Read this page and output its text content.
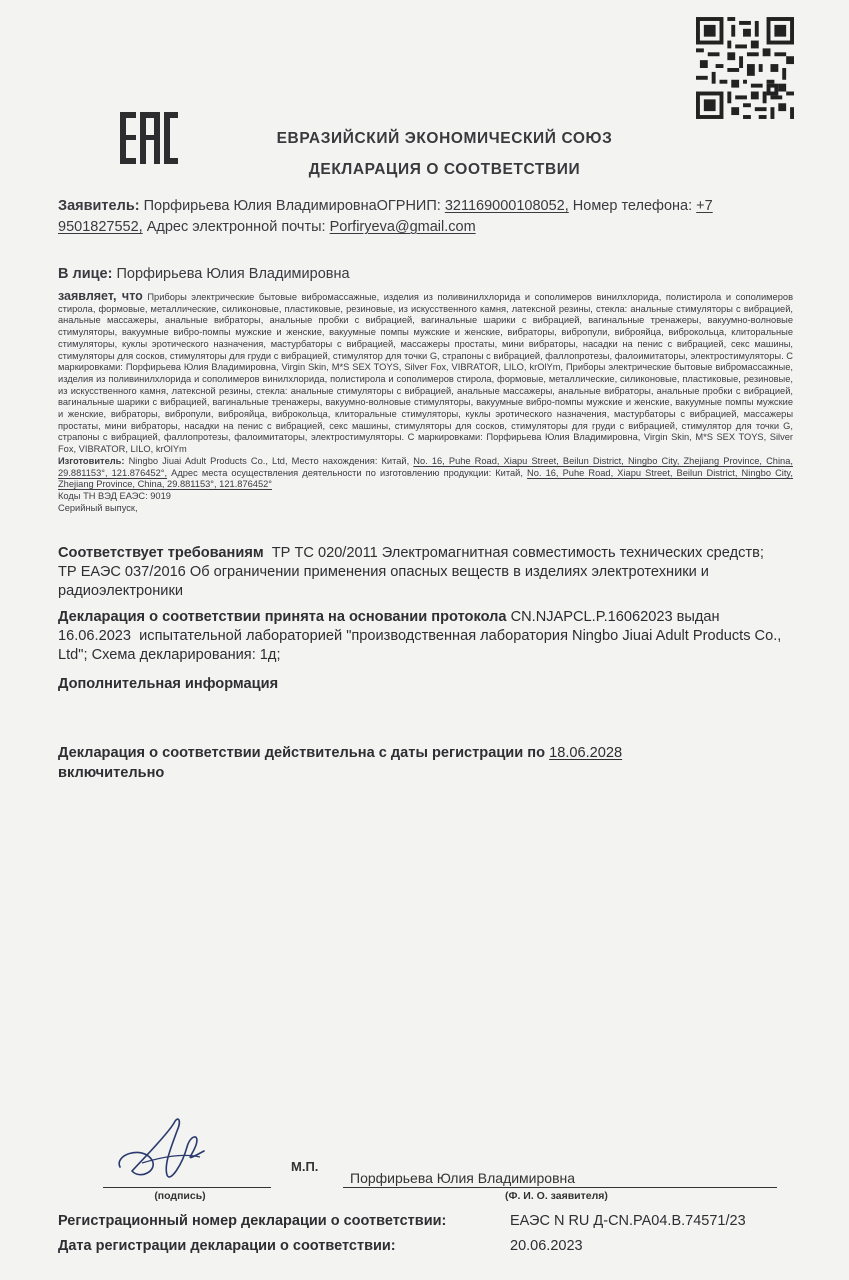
ЕВРАЗИЙСКИЙ ЭКОНОМИЧЕСКИЙ СОЮЗ
ДЕКЛАРАЦИЯ О СООТВЕТСТВИИ
Заявитель: Порфирьева Юлия ВладимировнаОГРНИП: 321169000108052, Номер телефона: +7
9501827552, Адрес электронной почты: Porfiryeva@gmail.com
В лице: Порфирьева Юлия Владимировна
заявляет, что Приборы электрические бытовые вибромассажные, изделия из поливинилхлорида и сополимеров винилхлорида, полистирола и сополимеров стирола, формовые, металлические, силиконовые, пластиковые, резиновые, из искусственного камня, латексной резины, стекла: анальные стимуляторы с вибрацией, анальные массажеры, анальные вибраторы, анальные пробки с вибрацией, вагинальные шарики с вибрацией, вагинальные тренажеры, вакуумно-волновые стимуляторы, вакуумные вибро-помпы мужские и женские, вакуумные помпы мужские и женские, вибраторы, вибропули, виброяйца, виброкольца, клиторальные стимуляторы, куклы эротического назначения, мастурбаторы с вибрацией, массажеры простаты, мини вибраторы, насадки на пенис с вибрацией, секс машины, стимуляторы для сосков, стимуляторы для груди с вибрацией, стимулятор для точки G, страпоны с вибрацией, фаллопротезы, фалоимитаторы, электростимуляторы. С маркировками: Порфирьева Юлия Владимировна, Virgin Skin, M*S SEX TOYS, Silver Fox, VIBRATOR, LILO, krOlYm, Приборы электрические бытовые вибромассажные, изделия из поливинилхлорида и сополимеров винилхлорида, полистирола и сополимеров стирола, формовые, металлические, силиконовые, пластиковые, резиновые, из искусственного камня, латексной резины, стекла: анальные стимуляторы с вибрацией, анальные массажеры, анальные вибраторы, анальные пробки с вибрацией, вагинальные шарики с вибрацией, вагинальные тренажеры, вакуумно-волновые стимуляторы, вакуумные вибро-помпы мужские и женские, вакуумные помпы мужские и женские, вибраторы, вибропули, виброяйца, виброкольца, клиторальные стимуляторы, куклы эротического назначения, мастурбаторы с вибрацией, массажеры простаты, мини вибраторы, насадки на пенис с вибрацией, секс машины, стимуляторы для сосков, стимуляторы для груди с вибрацией, стимулятор для точки G, страпоны с вибрацией, фаллопротезы, фалоимитаторы, электростимуляторы. С маркировками: Порфирьева Юлия Владимировна, Virgin Skin, M*S SEX TOYS, Silver Fox, VIBRATOR, LILO, krOlYm
Изготовитель: Ningbo Jiuai Adult Products Co., Ltd, Место нахождения: Китай, No. 16, Puhe Road, Xiapu Street, Beilun District, Ningbo City, Zhejiang Province, China, 29.881153°, 121.876452°, Адрес места осуществления деятельности по изготовлению продукции: Китай, No. 16, Puhe Road, Xiapu Street, Beilun District, Ningbo City, Zhejiang Province, China, 29.881153°, 121.876452°
Коды ТН ВЭД ЕАЭС: 9019
Серийный выпуск,
Соответствует требованиям ТР ТС 020/2011 Электромагнитная совместимость технических средств; ТР ЕАЭС 037/2016 Об ограничении применения опасных веществ в изделиях электротехники и радиоэлектроники
Декларация о соответствии принята на основании протокола CN.NJAPCL.P.16062023 выдан 16.06.2023 испытательной лабораторией "производственная лаборатория Ningbo Jiuai Adult Products Co., Ltd"; Схема декларирования: 1д;
Дополнительная информация
Декларация о соответствии действительна с даты регистрации по 18.06.2028
включительно
(подпись)
М.П.
Порфирьева Юлия Владимировна
(Ф. И. О. заявителя)
Регистрационный номер декларации о соответствии:	ЕАЭС N RU Д-CN.PA04.B.74571/23
Дата регистрации декларации о соответствии:	20.06.2023
